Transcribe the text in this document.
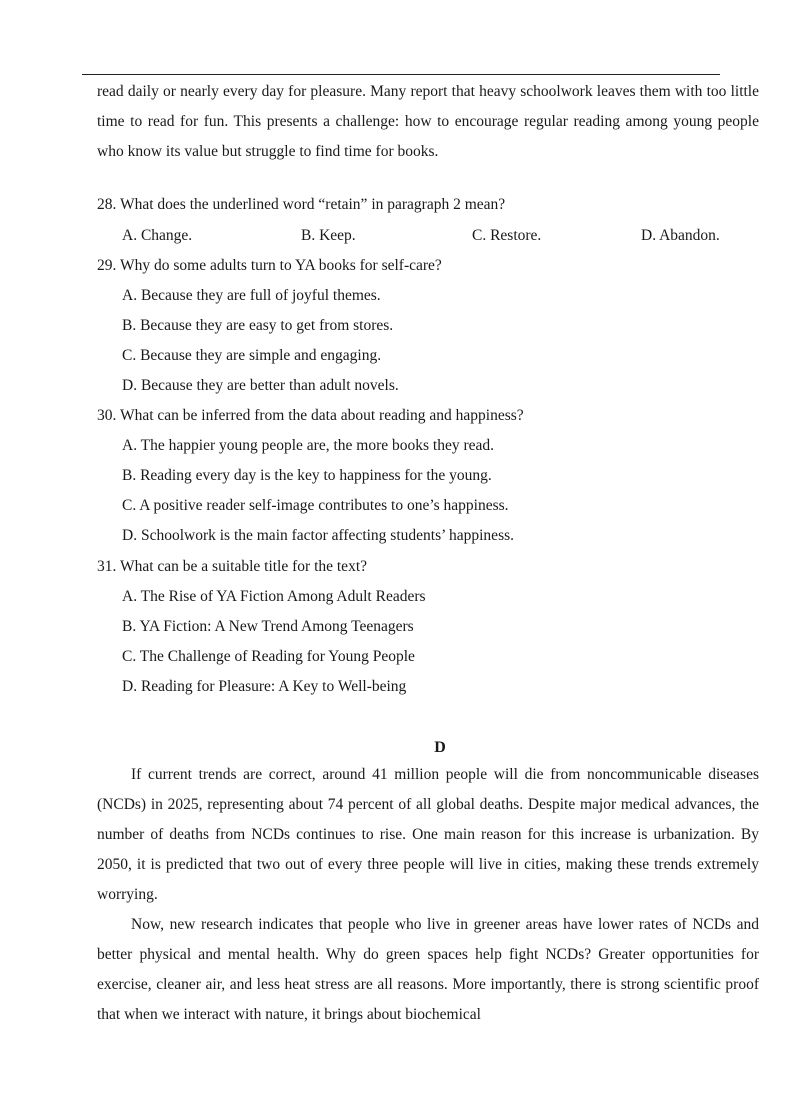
read daily or nearly every day for pleasure. Many report that heavy schoolwork leaves them with too little time to read for fun. This presents a challenge: how to encourage regular reading among young people who know its value but struggle to find time for books.

28. What does the underlined word “retain” in paragraph 2 mean?
A. Change.	B. Keep.	C. Restore.	D. Abandon.
29. Why do some adults turn to YA books for self-care?
A. Because they are full of joyful themes.
B. Because they are easy to get from stores.
C. Because they are simple and engaging.
D. Because they are better than adult novels.
30. What can be inferred from the data about reading and happiness?
A. The happier young people are, the more books they read.
B. Reading every day is the key to happiness for the young.
C. A positive reader self-image contributes to one’s happiness.
D. Schoolwork is the main factor affecting students’ happiness.
31. What can be a suitable title for the text?
A. The Rise of YA Fiction Among Adult Readers
B. YA Fiction: A New Trend Among Teenagers
C. The Challenge of Reading for Young People
D. Reading for Pleasure: A Key to Well-being
D

If current trends are correct, around 41 million people will die from noncommunicable diseases (NCDs) in 2025, representing about 74 percent of all global deaths. Despite major medical advances, the number of deaths from NCDs continues to rise. One main reason for this increase is urbanization. By 2050, it is predicted that two out of every three people will live in cities, making these trends extremely worrying.

Now, new research indicates that people who live in greener areas have lower rates of NCDs and better physical and mental health. Why do green spaces help fight NCDs? Greater opportunities for exercise, cleaner air, and less heat stress are all reasons. More importantly, there is strong scientific proof that when we interact with nature, it brings about biochemical
